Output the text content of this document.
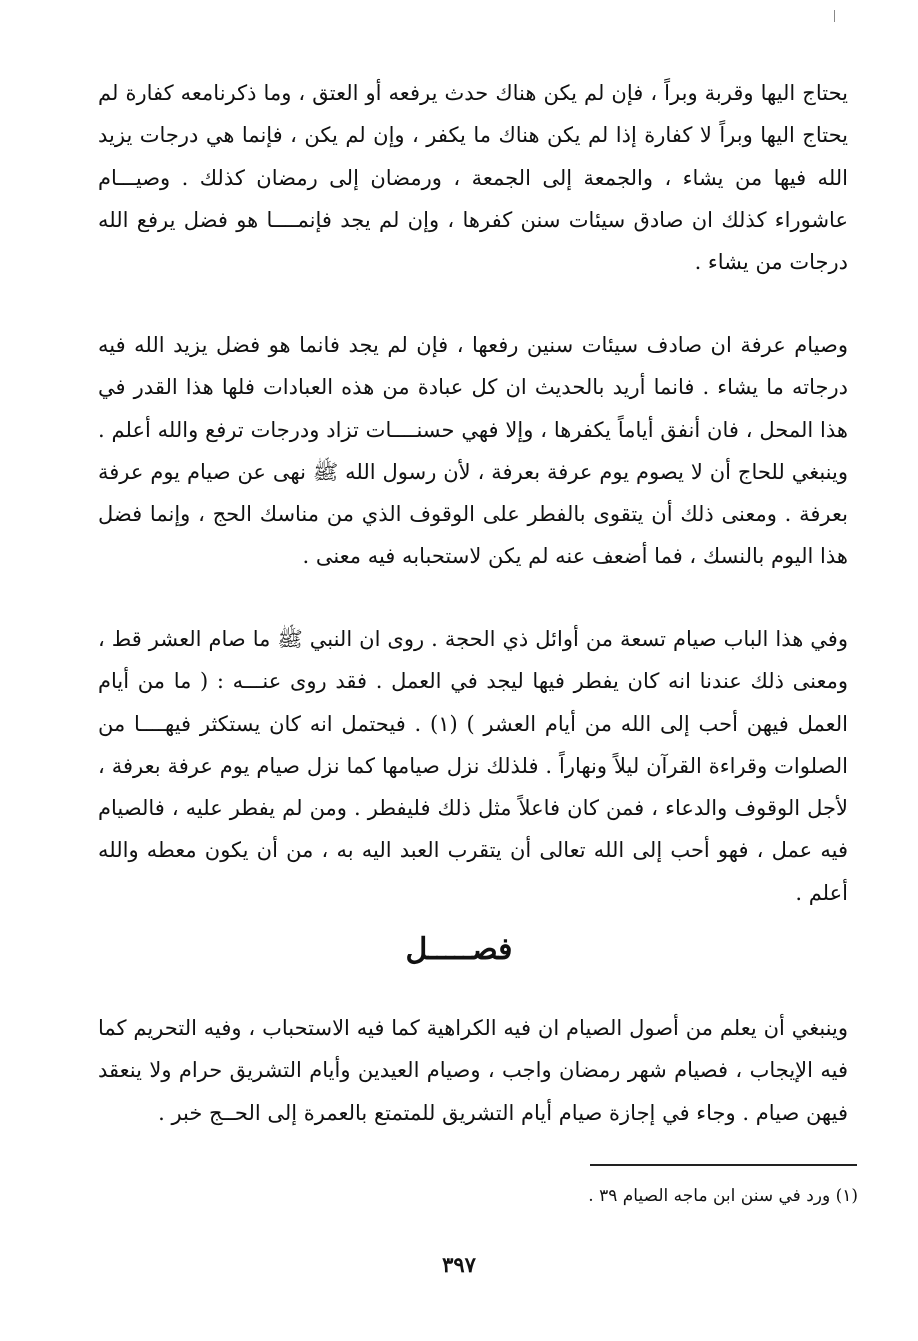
يحتاج اليها وقربة وبراً ، فإن لم يكن هناك حدث يرفعه أو العتق ، وما ذكرنامعه كفارة لم يحتاج اليها وبراً لا كفارة إذا لم يكن هناك ما يكفر ، وإن لم يكن ، فإنما هي درجات يزيد الله فيها من يشاء ، والجمعة إلى الجمعة ، ورمضان إلى رمضان كذلك . وصيـــام عاشوراء كذلك ان صادق سيئات سنن كفرها ، وإن لم يجد فإنمــــا هو فضل يرفع الله درجات من يشاء .

وصيام عرفة ان صادف سيئات سنين رفعها ، فإن لم يجد فانما هو فضل يزيد الله فيه درجاته ما يشاء . فانما أريد بالحديث ان كل عبادة من هذه العبادات فلها هذا القدر في هذا المحل ، فان أنفق أياماً يكفرها ، وإلا فهي حسنــــات تزاد ودرجات ترفع والله أعلم . وينبغي للحاج أن لا يصوم يوم عرفة بعرفة ، لأن رسول الله ﷺ نهى عن صيام يوم عرفة بعرفة . ومعنى ذلك أن يتقوى بالفطر على الوقوف الذي من مناسك الحج ، وإنما فضل هذا اليوم بالنسك ، فما أضعف عنه لم يكن لاستحبابه فيه معنى .

وفي هذا الباب صيام تسعة من أوائل ذي الحجة . روى ان النبي ﷺ ما صام العشر قط ، ومعنى ذلك عندنا انه كان يفطر فيها ليجد في العمل . فقد روى عنـــه : ( ما من أيام العمل فيهن أحب إلى الله من أيام العشر ) (١) . فيحتمل انه كان يستكثر فيهــــا من الصلوات وقراءة القرآن ليلاً ونهاراً . فلذلك نزل صيامها كما نزل صيام يوم عرفة بعرفة ، لأجل الوقوف والدعاء ، فمن كان فاعلاً مثل ذلك فليفطر . ومن لم يفطر عليه ، فالصيام فيه عمل ، فهو أحب إلى الله تعالى أن يتقرب العبد اليه به ، من أن يكون معطه والله أعلم .

فصـــــل

وينبغي أن يعلم من أصول الصيام ان فيه الكراهية كما فيه الاستحباب ، وفيه التحريم كما فيه الإيجاب ، فصيام شهر رمضان واجب ، وصيام العيدين وأيام التشريق حرام ولا ينعقد فيهن صيام . وجاء في إجازة صيام أيام التشريق للمتمتع بالعمرة إلى الحــج خبر .

(١) ورد في سنن ابن ماجه الصيام ٣٩ .
٣٩٧
